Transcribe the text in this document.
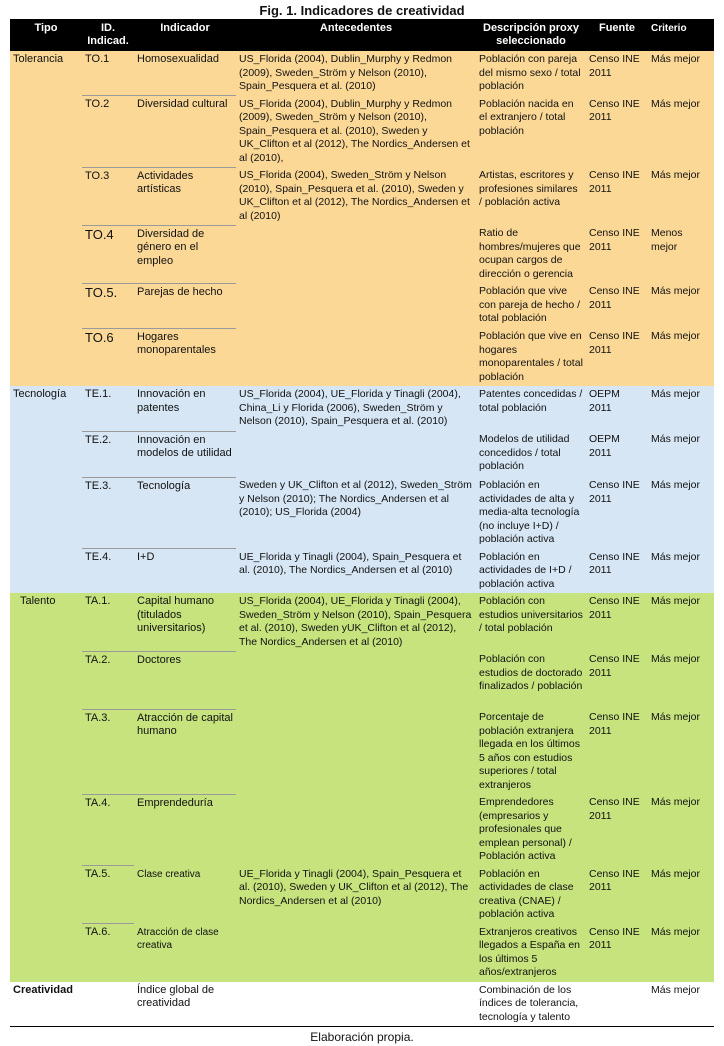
Fig. 1. Indicadores de creatividad
Tipo	ID. Indicad.	Indicador	Antecedentes	Descripción proxy seleccionado	Fuente	Criterio
Tolerancia	TO.1	Homosexualidad	US_Florida (2004), Dublin_Murphy y Redmon (2009), Sweden_Ström y Nelson (2010), Spain_Pesquera et al. (2010)	Población con pareja del mismo sexo / total población	Censo INE 2011	Más mejor
	TO.2	Diversidad cultural	US_Florida (2004), Dublin_Murphy y Redmon (2009), Sweden_Ström y Nelson (2010), Spain_Pesquera et al. (2010), Sweden y UK_Clifton et al (2012), The Nordics_Andersen et al (2010),	Población nacida en el extranjero / total población	Censo INE 2011	Más mejor
	TO.3	Actividades artísticas	US_Florida (2004), Sweden_Ström y Nelson (2010), Spain_Pesquera et al. (2010), Sweden y UK_Clifton et al (2012), The Nordics_Andersen et al (2010)	Artistas, escritores y profesiones similares / población activa	Censo INE 2011	Más mejor
	TO.4	Diversidad de género en el empleo		Ratio de hombres/mujeres que ocupan cargos de dirección o gerencia	Censo INE 2011	Menos mejor
	TO.5.	Parejas de hecho		Población que vive con pareja de hecho / total población	Censo INE 2011	Más mejor
	TO.6	Hogares monoparentales		Población que vive en hogares monoparentales / total población	Censo INE 2011	Más mejor
Tecnología	TE.1.	Innovación en patentes	US_Florida (2004), UE_Florida y Tinagli (2004), China_Li y Florida (2006), Sweden_Ström y Nelson (2010), Spain_Pesquera et al. (2010)	Patentes concedidas / total población	OEPM 2011	Más mejor
	TE.2.	Innovación en modelos de utilidad		Modelos de utilidad concedidos / total población	OEPM 2011	Más mejor
	TE.3.	Tecnología	Sweden y UK_Clifton et al (2012), Sweden_Ström y Nelson (2010); The Nordics_Andersen et al (2010); US_Florida (2004)	Población en actividades de alta y media-alta tecnología (no incluye I+D) / población activa	Censo INE 2011	Más mejor
	TE.4.	I+D	UE_Florida y Tinagli (2004), Spain_Pesquera et al. (2010), The Nordics_Andersen et al (2010)	Población en actividades de I+D / población activa	Censo INE 2011	Más mejor
Talento	TA.1.	Capital humano (titulados universitarios)	US_Florida (2004), UE_Florida y Tinagli (2004), Sweden_Ström y Nelson (2010), Spain_Pesquera et al. (2010), Sweden yUK_Clifton et al (2012), The Nordics_Andersen et al (2010)	Población con estudios universitarios / total población	Censo INE 2011	Más mejor
	TA.2.	Doctores		Población con estudios de doctorado finalizados / población	Censo INE 2011	Más mejor
	TA.3.	Atracción de capital humano		Porcentaje de población extranjera llegada en los últimos 5 años con estudios superiores / total extranjeros	Censo INE 2011	Más mejor
	TA.4.	Emprendeduría		Emprendedores (empresarios y profesionales que emplean personal) / Población activa	Censo INE 2011	Más mejor
	TA.5.	Clase creativa	UE_Florida y Tinagli (2004), Spain_Pesquera et al. (2010), Sweden y UK_Clifton et al (2012), The Nordics_Andersen et al (2010)	Población en actividades de clase creativa (CNAE) / población activa	Censo INE 2011	Más mejor
	TA.6.	Atracción de clase creativa		Extranjeros creativos llegados a España en los últimos 5 años/extranjeros	Censo INE 2011	Más mejor
Creatividad		Índice global de creatividad		Combinación de los índices de tolerancia, tecnología y talento		Más mejor
Elaboración propia.
